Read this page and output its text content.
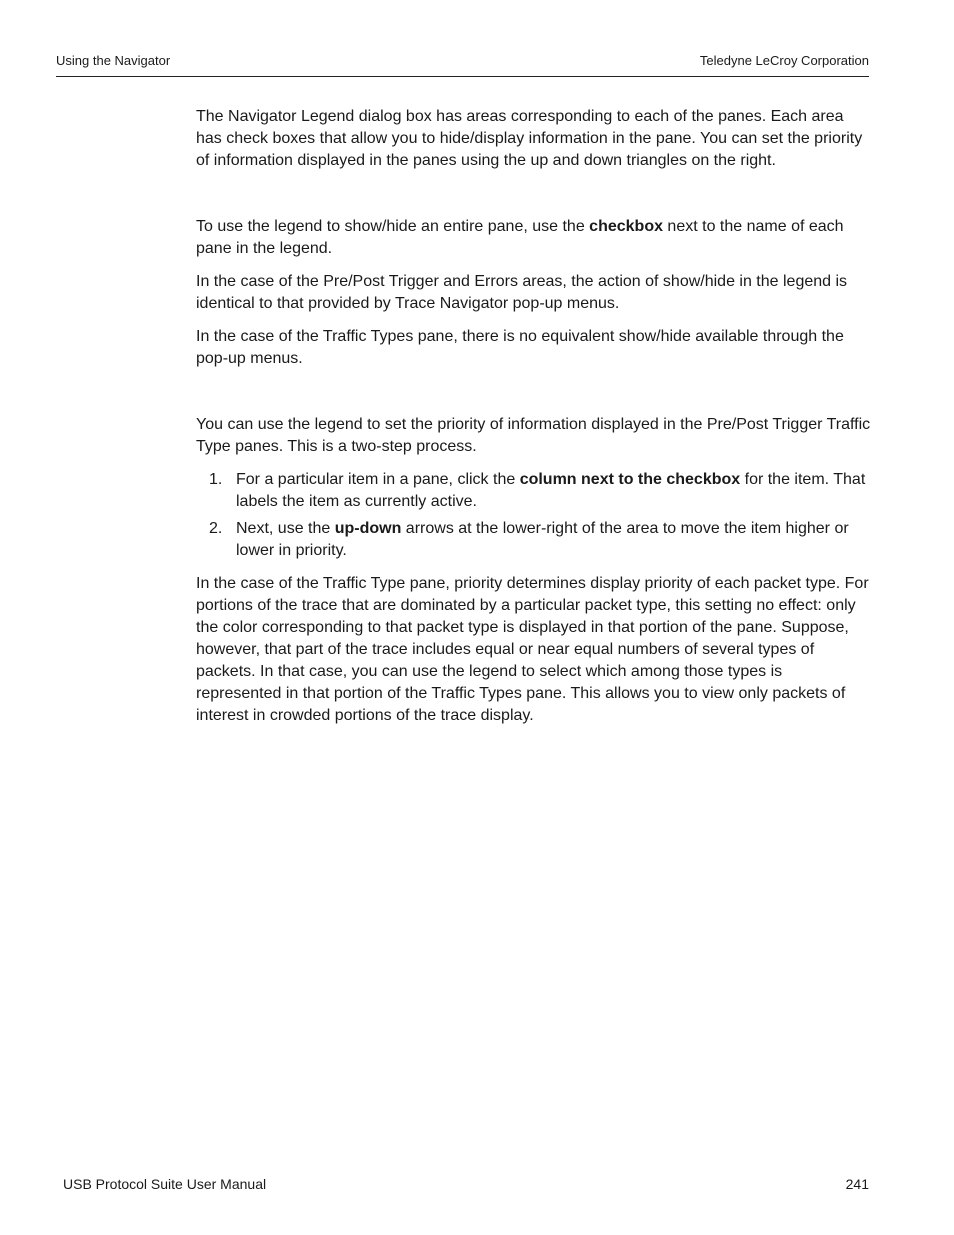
Using the Navigator	Teledyne LeCroy Corporation

The Navigator Legend dialog box has areas corresponding to each of the panes. Each area has check boxes that allow you to hide/display information in the pane. You can set the priority of information displayed in the panes using the up and down triangles on the right.

To use the legend to show/hide an entire pane, use the checkbox next to the name of each pane in the legend.

In the case of the Pre/Post Trigger and Errors areas, the action of show/hide in the legend is identical to that provided by Trace Navigator pop-up menus.

In the case of the Traffic Types pane, there is no equivalent show/hide available through the pop-up menus.

You can use the legend to set the priority of information displayed in the Pre/Post Trigger Traffic Type panes. This is a two-step process.

1. For a particular item in a pane, click the column next to the checkbox for the item. That labels the item as currently active.
2. Next, use the up-down arrows at the lower-right of the area to move the item higher or lower in priority.

In the case of the Traffic Type pane, priority determines display priority of each packet type. For portions of the trace that are dominated by a particular packet type, this setting no effect: only the color corresponding to that packet type is displayed in that portion of the pane. Suppose, however, that part of the trace includes equal or near equal numbers of several types of packets. In that case, you can use the legend to select which among those types is represented in that portion of the Traffic Types pane. This allows you to view only packets of interest in crowded portions of the trace display.

USB Protocol Suite User Manual	241
